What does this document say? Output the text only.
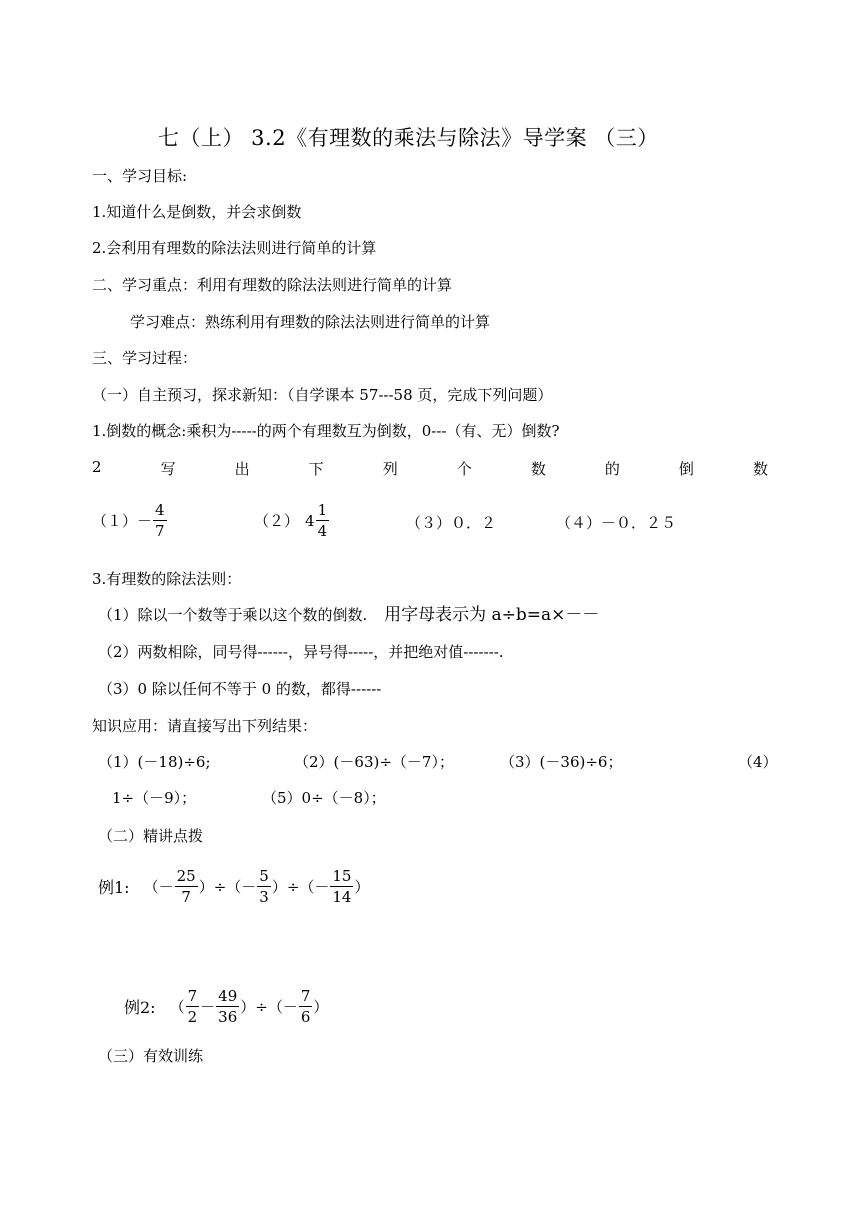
七（上） 3.2《有理数的乘法与除法》导学案 （三）
一、学习目标:
1.知道什么是倒数，并会求倒数
2.会利用有理数的除法法则进行简单的计算
二、学习重点：利用有理数的除法法则进行简单的计算
学习难点：熟练利用有理数的除法法则进行简单的计算
三、学习过程：
（一）自主预习，探求新知：（自学课本 57---58 页，完成下列问题）
1.倒数的概念:乘积为-----的两个有理数互为倒数，0---（有、无）倒数?
2	写	出	下	列	个	数	的	倒	数
$(1) - \frac{4}{7}$	（２） $4 \frac{1}{4}$	（３）０．２	（４）－０．２５
3.有理数的除法法则：
（1）除以一个数等于乘以这个数的倒数. 用字母表示为 a÷b=a×－－
（2）两数相除，同号得------，异号得-----，并把绝对值-------.
（3）0 除以任何不等于 0 的数，都得------
知识应用：请直接写出下列结果：
（1）(－18)÷6;	（2）(－63)÷（－7）；	（3）(－36)÷6；	（4）
1÷（－9）；	（5）0÷（－8）；
（二）精讲点拨
例1: （－ $\frac{25}{7}$ ）÷（－ $\frac{5}{3}$ ）÷（－ $\frac{15}{14}$ ）
例2: （ $\frac{7}{2} - \frac{49}{36}$ ）÷（－ $\frac{7}{6}$ ）
（三）有效训练
